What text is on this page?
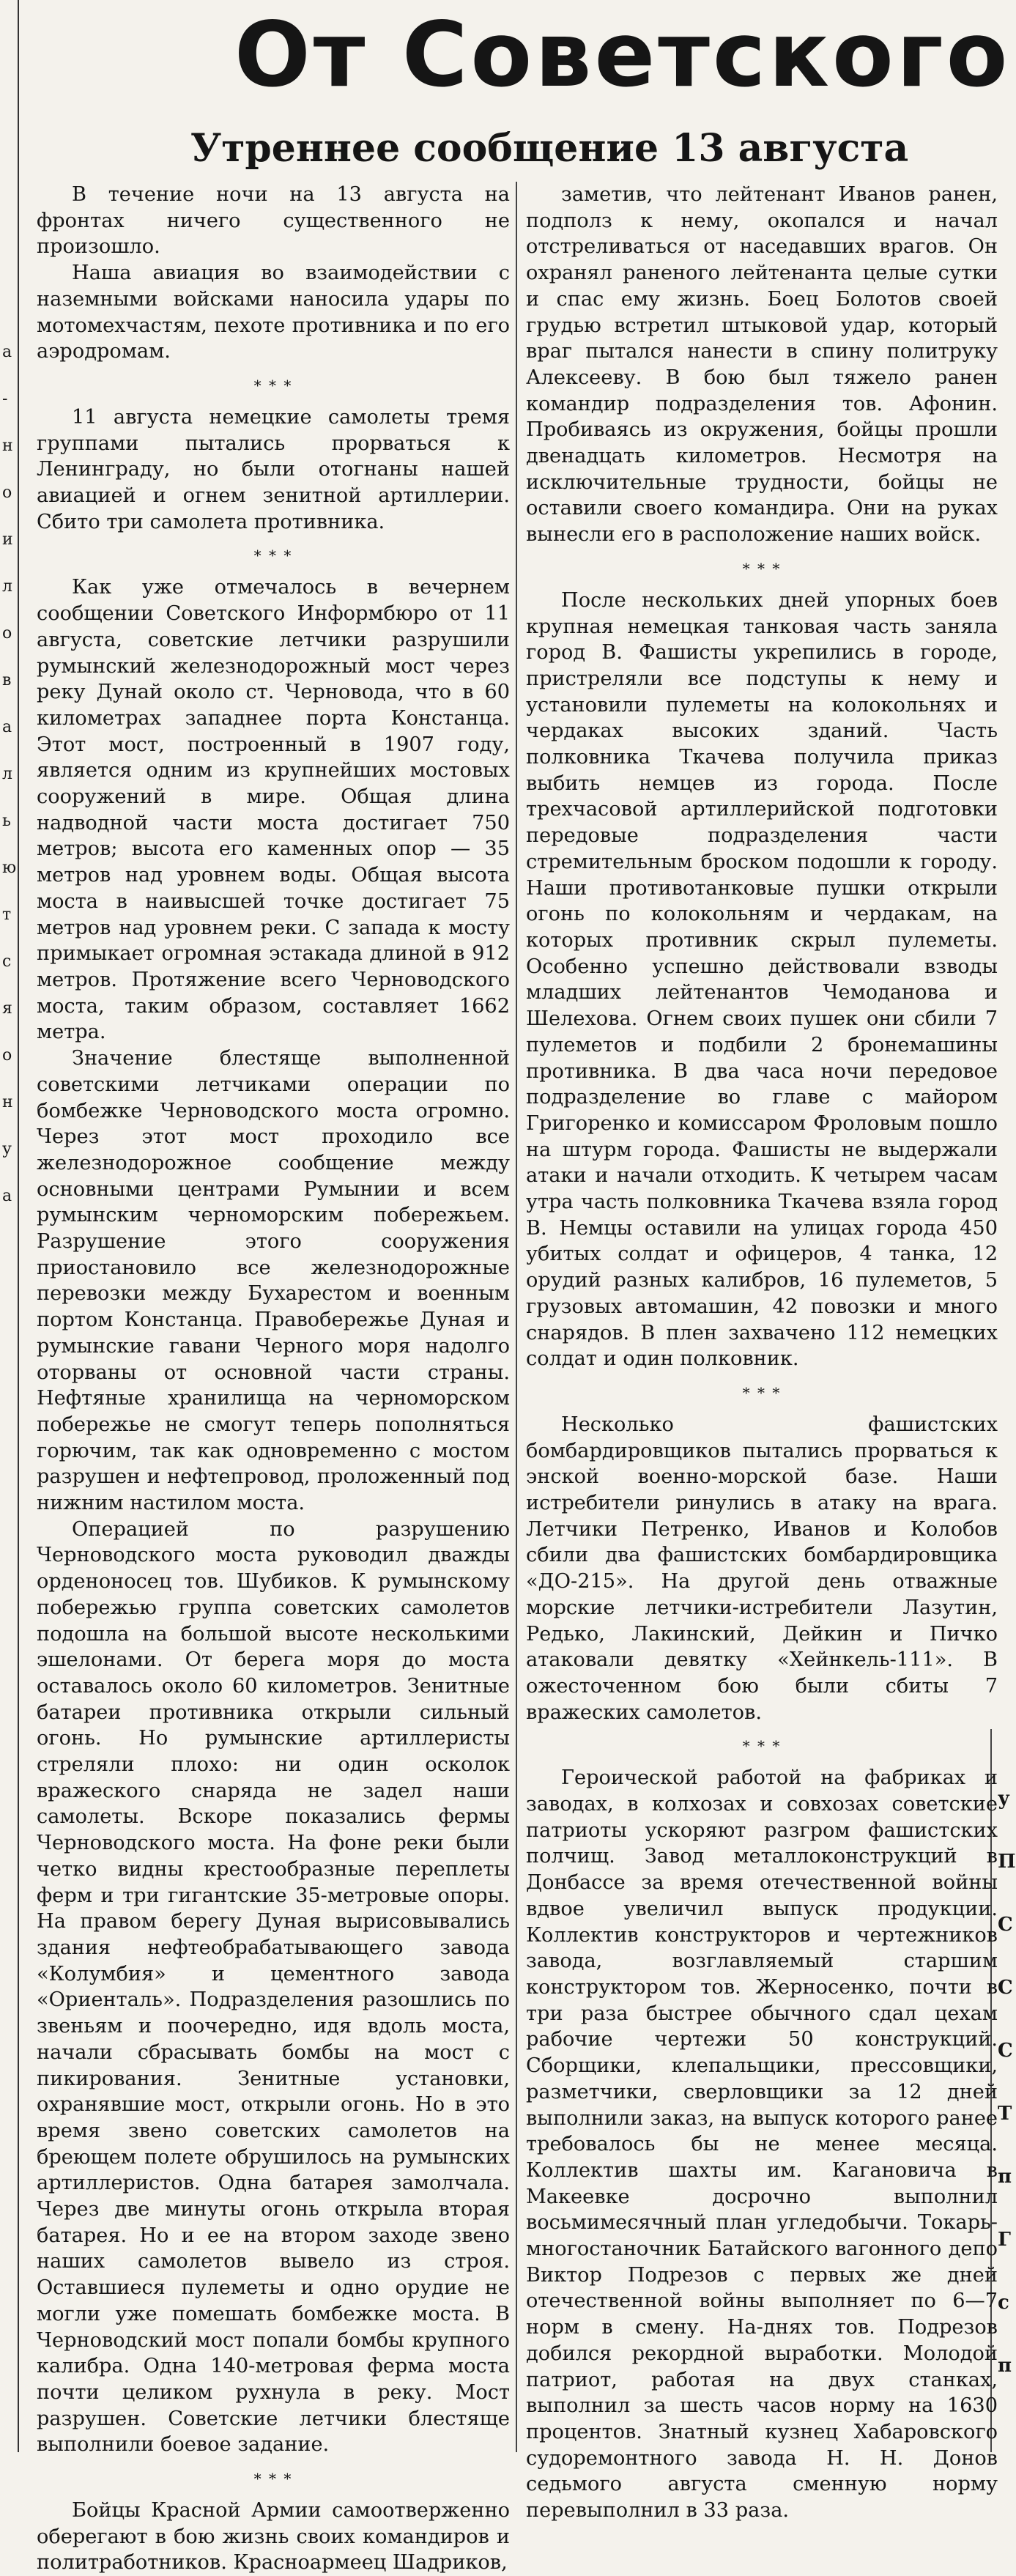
а
-
н
о
и
л
о
в
а
л
ь
ю
т
с
я
о
н
у
а
От Советского
Утреннее сообщение 13 августа

В течение ночи на 13 августа на фронтах ничего существенного не произошло.

Наша авиация во взаимодействии с наземными войсками наносила удары по мотомехчастям, пехоте противника и по его аэродромам.

* * *

11 августа немецкие самолеты тремя группами пытались прорваться к Ленинграду, но были отогнаны нашей авиацией и огнем зенитной артиллерии. Сбито три самолета противника.

* * *

Как уже отмечалось в вечернем сообщении Советского Информбюро от 11 августа, советские летчики разрушили румынский железнодорожный мост через реку Дунай около ст. Черновода, что в 60 километрах западнее порта Констанца. Этот мост, построенный в 1907 году, является одним из крупнейших мостовых сооружений в мире. Общая длина надводной части моста достигает 750 метров; высота его каменных опор — 35 метров над уровнем воды. Общая высота моста в наивысшей точке достигает 75 метров над уровнем реки. С запада к мосту примыкает огромная эстакада длиной в 912 метров. Протяжение всего Черноводского моста, таким образом, составляет 1662 метра.

Значение блестяще выполненной советскими летчиками операции по бомбежке Черноводского моста огромно. Через этот мост проходило все железнодорожное сообщение между основными центрами Румынии и всем румынским черноморским побережьем. Разрушение этого сооружения приостановило все железнодорожные перевозки между Бухарестом и военным портом Констанца. Правобережье Дуная и румынские гавани Черного моря надолго оторваны от основной части страны. Нефтяные хранилища на черноморском побережье не смогут теперь пополняться горючим, так как одновременно с мостом разрушен и нефтепровод, проложенный под нижним настилом моста.

Операцией по разрушению Черноводского моста руководил дважды орденоносец тов. Шубиков. К румынскому побережью группа советских самолетов подошла на большой высоте несколькими эшелонами. От берега моря до моста оставалось около 60 километров. Зенитные батареи противника открыли сильный огонь. Но румынские артиллеристы стреляли плохо: ни один осколок вражеского снаряда не задел наши самолеты. Вскоре показались фермы Черноводского моста. На фоне реки были четко видны крестообразные переплеты ферм и три гигантские 35-метровые опоры. На правом берегу Дуная вырисовывались здания нефтеобрабатывающего завода «Колумбия» и цементного завода «Ориенталь». Подразделения разошлись по звеньям и поочередно, идя вдоль моста, начали сбрасывать бомбы на мост с пикирования. Зенитные установки, охранявшие мост, открыли огонь. Но в это время звено советских самолетов на бреющем полете обрушилось на румынских артиллеристов. Одна батарея замолчала. Через две минуты огонь открыла вторая батарея. Но и ее на втором заходе звено наших самолетов вывело из строя. Оставшиеся пулеметы и одно орудие не могли уже помешать бомбежке моста. В Черноводский мост попали бомбы крупного калибра. Одна 140-метровая ферма моста почти целиком рухнула в реку. Мост разрушен. Советские летчики блестяще выполнили боевое задание.

* * *

Бойцы Красной Армии самоотверженно оберегают в бою жизнь своих командиров и политработников. Красноармеец Шадриков,

заметив, что лейтенант Иванов ранен, подполз к нему, окопался и начал отстреливаться от наседавших врагов. Он охранял раненого лейтенанта целые сутки и спас ему жизнь. Боец Болотов своей грудью встретил штыковой удар, который враг пытался нанести в спину политруку Алексееву. В бою был тяжело ранен командир подразделения тов. Афонин. Пробиваясь из окружения, бойцы прошли двенадцать километров. Несмотря на исключительные трудности, бойцы не оставили своего командира. Они на руках вынесли его в расположение наших войск.

* * *

После нескольких дней упорных боев крупная немецкая танковая часть заняла город В. Фашисты укрепились в городе, пристреляли все подступы к нему и установили пулеметы на колокольнях и чердаках высоких зданий. Часть полковника Ткачева получила приказ выбить немцев из города. После трехчасовой артиллерийской подготовки передовые подразделения части стремительным броском подошли к городу. Наши противотанковые пушки открыли огонь по колокольням и чердакам, на которых противник скрыл пулеметы. Особенно успешно действовали взводы младших лейтенантов Чемоданова и Шелехова. Огнем своих пушек они сбили 7 пулеметов и подбили 2 бронемашины противника. В два часа ночи передовое подразделение во главе с майором Григоренко и комиссаром Фроловым пошло на штурм города. Фашисты не выдержали атаки и начали отходить. К четырем часам утра часть полковника Ткачева взяла город В. Немцы оставили на улицах города 450 убитых солдат и офицеров, 4 танка, 12 орудий разных калибров, 16 пулеметов, 5 грузовых автомашин, 42 повозки и много снарядов. В плен захвачено 112 немецких солдат и один полковник.

* * *

Несколько фашистских бомбардировщиков пытались прорваться к энской военно-морской базе. Наши истребители ринулись в атаку на врага. Летчики Петренко, Иванов и Колобов сбили два фашистских бомбардировщика «ДО-215». На другой день отважные морские летчики-истребители Лазутин, Редько, Лакинский, Дейкин и Пичко атаковали девятку «Хейнкель-111». В ожесточенном бою были сбиты 7 вражеских самолетов.

* * *

Героической работой на фабриках и заводах, в колхозах и совхозах советские патриоты ускоряют разгром фашистских полчищ. Завод металлоконструкций в Донбассе за время отечественной войны вдвое увеличил выпуск продукции. Коллектив конструкторов и чертежников завода, возглавляемый старшим конструктором тов. Жерносенко, почти в три раза быстрее обычного сдал цехам рабочие чертежи 50 конструкций. Сборщики, клепальщики, прессовщики, разметчики, сверловщики за 12 дней выполнили заказ, на выпуск которого ранее требовалось бы не менее месяца. Коллектив шахты им. Кагановича в Макеевке досрочно выполнил восьмимесячный план угледобычи. Токарь-многостаночник Батайского вагонного депо Виктор Подрезов с первых же дней отечественной войны выполняет по 6—7 норм в смену. На-днях тов. Подрезов добился рекордной выработки. Молодой патриот, работая на двух станках, выполнил за шесть часов норму на 1630 процентов. Знатный кузнец Хабаровского судоремонтного завода Н. Н. Донов седьмого августа сменную норму перевыполнил в 33 раза.

у
П
С
С
С
Т
п
Г
с
п
